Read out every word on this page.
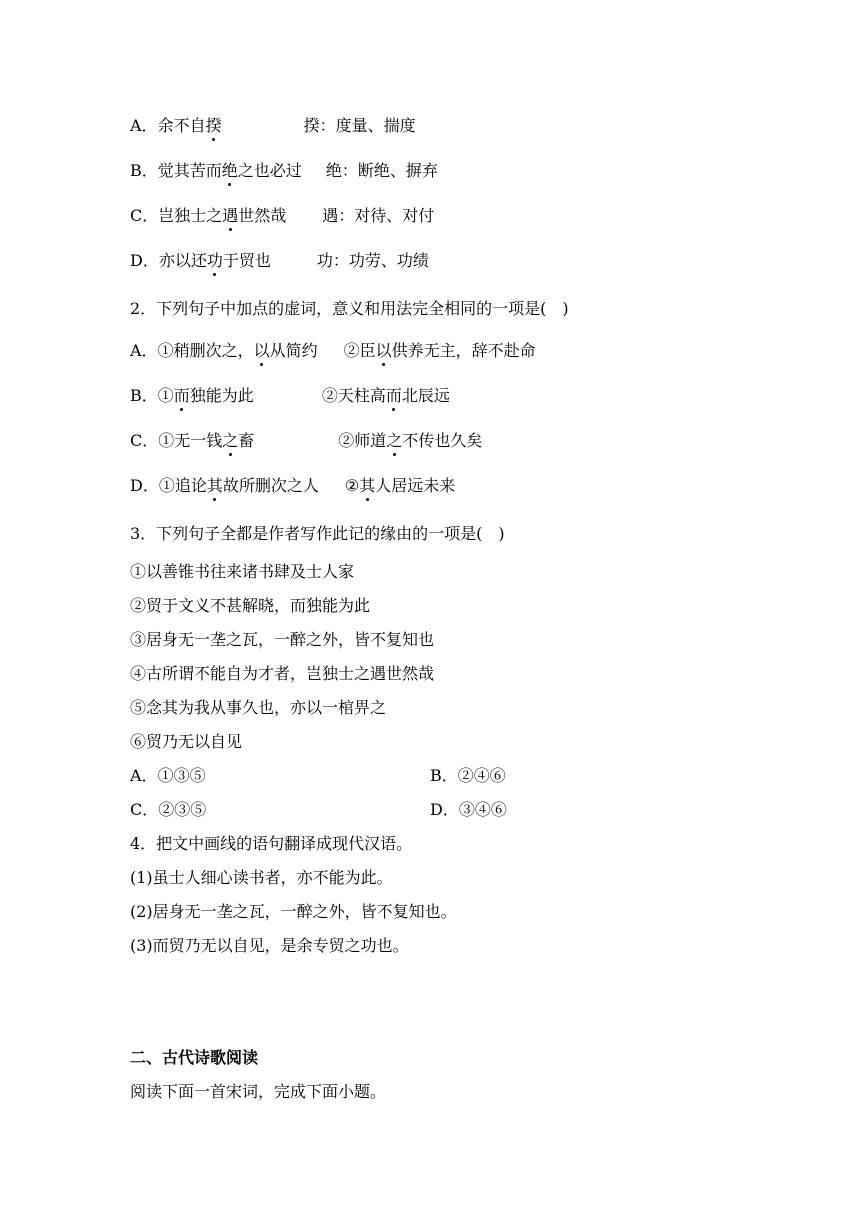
A．余不自揆	揆：度量、揣度
B．觉其苦而绝之也必过 绝：断绝、摒弃
C．岂独士之遇世然哉 遇：对待、对付
D．亦以还功于贸也	功：功劳、功绩
2．下列句子中加点的虚词，意义和用法完全相同的一项是(　)
A．①稍删次之，以从简约 ②臣以供养无主，辞不赴命
B．①而独能为此	②天柱高而北辰远
C．①无一钱之畜	②师道之不传也久矣
D．①追论其故所删次之人 ②其人居远未来
3．下列句子全都是作者写作此记的缘由的一项是(　)
①以善锥书往来诸书肆及士人家
②贸于文义不甚解晓，而独能为此
③居身无一垄之瓦，一醉之外，皆不复知也
④古所谓不能自为才者，岂独士之遇世然哉
⑤念其为我从事久也，亦以一棺畀之
⑥贸乃无以自见
A．①③⑤	B．②④⑥
C．②③⑤	D．③④⑥
4．把文中画线的语句翻译成现代汉语。
(1)虽士人细心读书者，亦不能为此。
(2)居身无一垄之瓦，一醉之外，皆不复知也。
(3)而贸乃无以自见，是余专贸之功也。
二、古代诗歌阅读
阅读下面一首宋词，完成下面小题。
